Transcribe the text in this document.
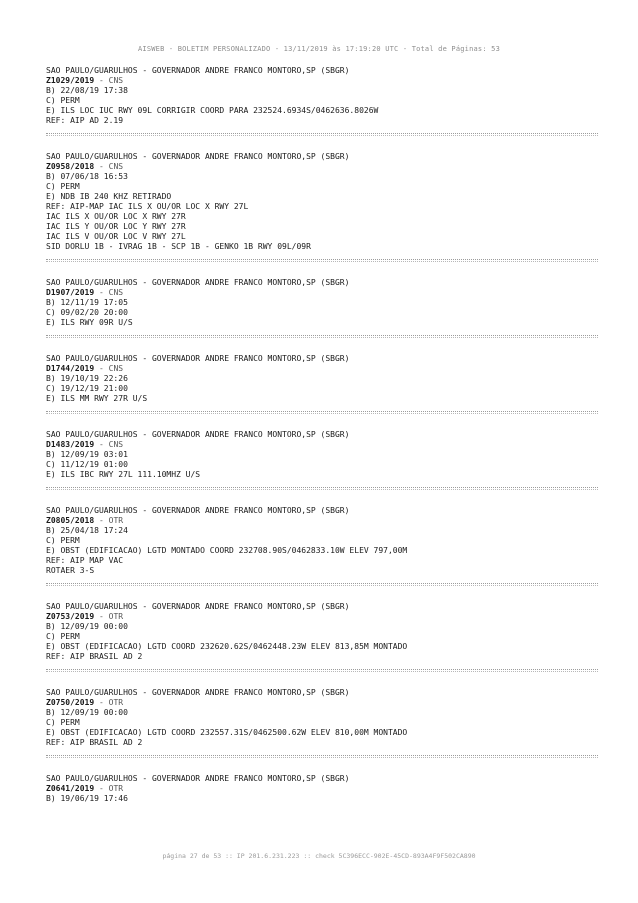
AISWEB - BOLETIM PERSONALIZADO - 13/11/2019 às 17:19:20 UTC - Total de Páginas: 53
SAO PAULO/GUARULHOS - GOVERNADOR ANDRE FRANCO MONTORO,SP (SBGR)
Z1029/2019 - CNS
B) 22/08/19 17:38
C) PERM
E) ILS LOC IUC RWY 09L CORRIGIR COORD PARA 232524.6934S/0462636.8026W
REF: AIP AD 2.19
SAO PAULO/GUARULHOS - GOVERNADOR ANDRE FRANCO MONTORO,SP (SBGR)
Z0958/2018 - CNS
B) 07/06/18 16:53
C) PERM
E) NDB IB 240 KHZ RETIRADO
REF: AIP-MAP IAC ILS X OU/OR LOC X RWY 27L
IAC ILS X OU/OR LOC X RWY 27R
IAC ILS Y OU/OR LOC Y RWY 27R
IAC ILS V OU/OR LOC V RWY 27L
SID DORLU 1B - IVRAG 1B - SCP 1B - GENKO 1B RWY 09L/09R
SAO PAULO/GUARULHOS - GOVERNADOR ANDRE FRANCO MONTORO,SP (SBGR)
D1907/2019 - CNS
B) 12/11/19 17:05
C) 09/02/20 20:00
E) ILS RWY 09R U/S
SAO PAULO/GUARULHOS - GOVERNADOR ANDRE FRANCO MONTORO,SP (SBGR)
D1744/2019 - CNS
B) 19/10/19 22:26
C) 19/12/19 21:00
E) ILS MM RWY 27R U/S
SAO PAULO/GUARULHOS - GOVERNADOR ANDRE FRANCO MONTORO,SP (SBGR)
D1483/2019 - CNS
B) 12/09/19 03:01
C) 11/12/19 01:00
E) ILS IBC RWY 27L 111.10MHZ U/S
SAO PAULO/GUARULHOS - GOVERNADOR ANDRE FRANCO MONTORO,SP (SBGR)
Z0805/2018 - OTR
B) 25/04/18 17:24
C) PERM
E) OBST (EDIFICACAO) LGTD MONTADO COORD 232708.90S/0462833.10W ELEV 797,00M
REF: AIP MAP VAC
ROTAER 3-S
SAO PAULO/GUARULHOS - GOVERNADOR ANDRE FRANCO MONTORO,SP (SBGR)
Z0753/2019 - OTR
B) 12/09/19 00:00
C) PERM
E) OBST (EDIFICACAO) LGTD COORD 232620.62S/0462448.23W ELEV 813,85M MONTADO
REF: AIP BRASIL AD 2
SAO PAULO/GUARULHOS - GOVERNADOR ANDRE FRANCO MONTORO,SP (SBGR)
Z0750/2019 - OTR
B) 12/09/19 00:00
C) PERM
E) OBST (EDIFICACAO) LGTD COORD 232557.31S/0462500.62W ELEV 810,00M MONTADO
REF: AIP BRASIL AD 2
SAO PAULO/GUARULHOS - GOVERNADOR ANDRE FRANCO MONTORO,SP (SBGR)
Z0641/2019 - OTR
B) 19/06/19 17:46
página 27 de 53 :: IP 201.6.231.223 :: check 5C396ECC-902E-45CD-893A4F9F502CA890
